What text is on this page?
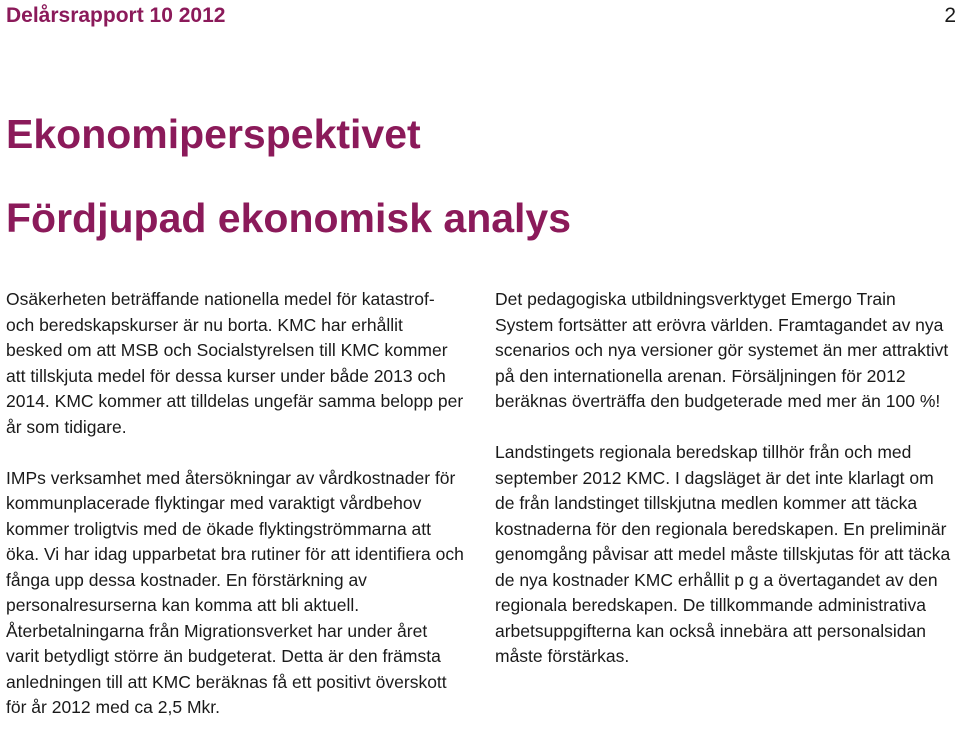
Delårsrapport 10 2012	2
Ekonomiperspektivet
Fördjupad ekonomisk analys

Osäkerheten beträffande nationella medel för katastrof- och beredskapskurser är nu borta. KMC har erhållit besked om att MSB och Socialstyrelsen till KMC kommer att tillskjuta medel för dessa kurser under både 2013 och 2014. KMC kommer att tilldelas ungefär samma belopp per år som tidigare.

IMPs verksamhet med återsökningar av vårdkostnader för kommunplacerade flyktingar med varaktigt vårdbehov kommer troligtvis med de ökade flyktingströmmarna att öka. Vi har idag upparbetat bra rutiner för att identifiera och fånga upp dessa kostnader. En förstärkning av personalresurserna kan komma att bli aktuell. Återbetalningarna från Migrationsverket har under året varit betydligt större än budgeterat. Detta är den främsta anledningen till att KMC beräknas få ett positivt överskott för år 2012 med ca 2,5 Mkr.

Det pedagogiska utbildningsverktyget Emergo Train System fortsätter att erövra världen. Framtagandet av nya scenarios och nya versioner gör systemet än mer attraktivt på den internationella arenan. Försäljningen för 2012 beräknas överträffa den budgeterade med mer än 100 %!

Landstingets regionala beredskap tillhör från och med september 2012 KMC. I dagsläget är det inte klarlagt om de från landstinget tillskjutna medlen kommer att täcka kostnaderna för den regionala beredskapen. En preliminär genomgång påvisar att medel måste tillskjutas för att täcka de nya kostnader KMC erhållit p g a övertagandet av den regionala beredskapen. De tillkommande administrativa arbetsuppgifterna kan också innebära att personalsidan måste förstärkas.
